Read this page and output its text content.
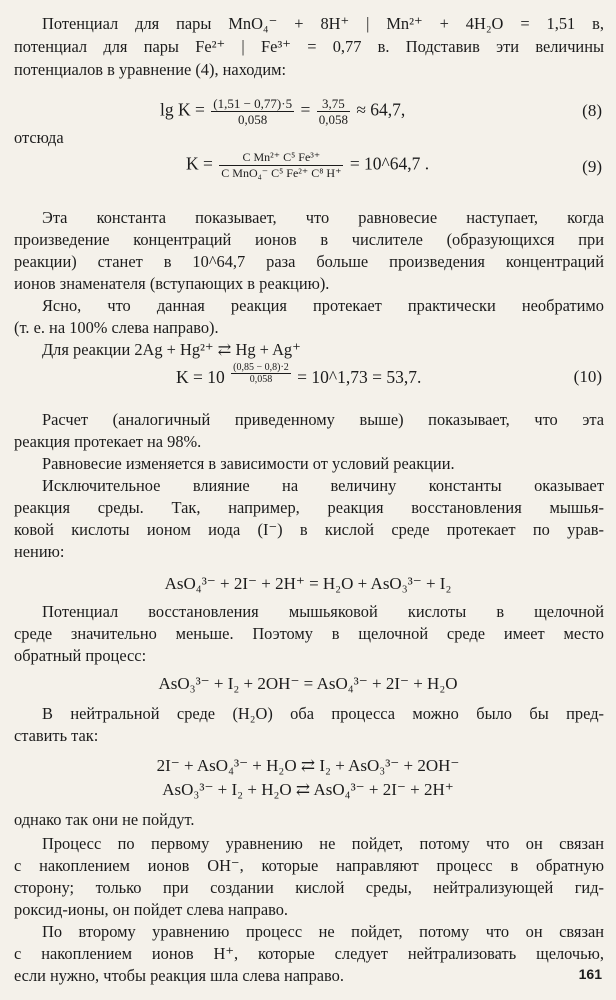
Потенциал для пары MnO₄⁻ + 8H⁺ | Mn²⁺ + 4H₂O = 1,51 в,
потенциал для пары Fe²⁺ | Fe³⁺ = 0,77 в. Подставив эти величины
потенциалов в уравнение (4), находим:
$\lg K = \frac{(1,51 - 0,77)\cdot 5}{0,058} = \frac{3,75}{0,058} \approx 64,7$,	(8)
отсюда
$K = \frac{\text{C Mn²⁺ C⁵ Fe³⁺}}{\text{C MnO₄⁻ C⁵ Fe²⁺ C⁸ H⁺}}$ = 10^64,7 .	(9)
Эта константа показывает, что равновесие наступает, когда
произведение концентраций ионов в числителе (образующихся при
реакции) станет в 10^64,7 раза больше произведения концентраций
ионов знаменателя (вступающих в реакцию).
Ясно, что данная реакция протекает практически необратимо
(т. е. на 100% слева направо).
Для реакции 2Ag + Hg²⁺ ⇄ Hg + Ag⁺
$K = 10 \frac{(0,85 - 0,8)\cdot 2}{0,058}$ = 10^1,73 = 53,7.	(10)
Расчет (аналогичный приведенному выше) показывает, что эта
реакция протекает на 98%.
Равновесие изменяется в зависимости от условий реакции.
Исключительное влияние на величину константы оказывает
реакция среды. Так, например, реакция восстановления мышья-
ковой кислоты ионом иода (I⁻) в кислой среде протекает по урав-
нению:
AsO₄³⁻ + 2I⁻ + 2H⁺ = H₂O + AsO₃³⁻ + I₂
Потенциал восстановления мышьяковой кислоты в щелочной
среде значительно меньше. Поэтому в щелочной среде имеет место
обратный процесс:
AsO₃³⁻ + I₂ + 2OH⁻ = AsO₄³⁻ + 2I⁻ + H₂O
В нейтральной среде (H₂O) оба процесса можно было бы пред-
ставить так:
2I⁻ + AsO₄³⁻ + H₂O ⇄ I₂ + AsO₃³⁻ + 2OH⁻
AsO₃³⁻ + I₂ + H₂O ⇄ AsO₄³⁻ + 2I⁻ + 2H⁺
однако так они не пойдут.
Процесс по первому уравнению не пойдет, потому что он связан
с накоплением ионов OH⁻, которые направляют процесс в обратную
сторону; только при создании кислой среды, нейтрализующей гид-
роксид-ионы, он пойдет слева направо.
По второму уравнению процесс не пойдет, потому что он связан
с накоплением ионов H⁺, которые следует нейтрализовать щелочью,
если нужно, чтобы реакция шла слева направо.	161
